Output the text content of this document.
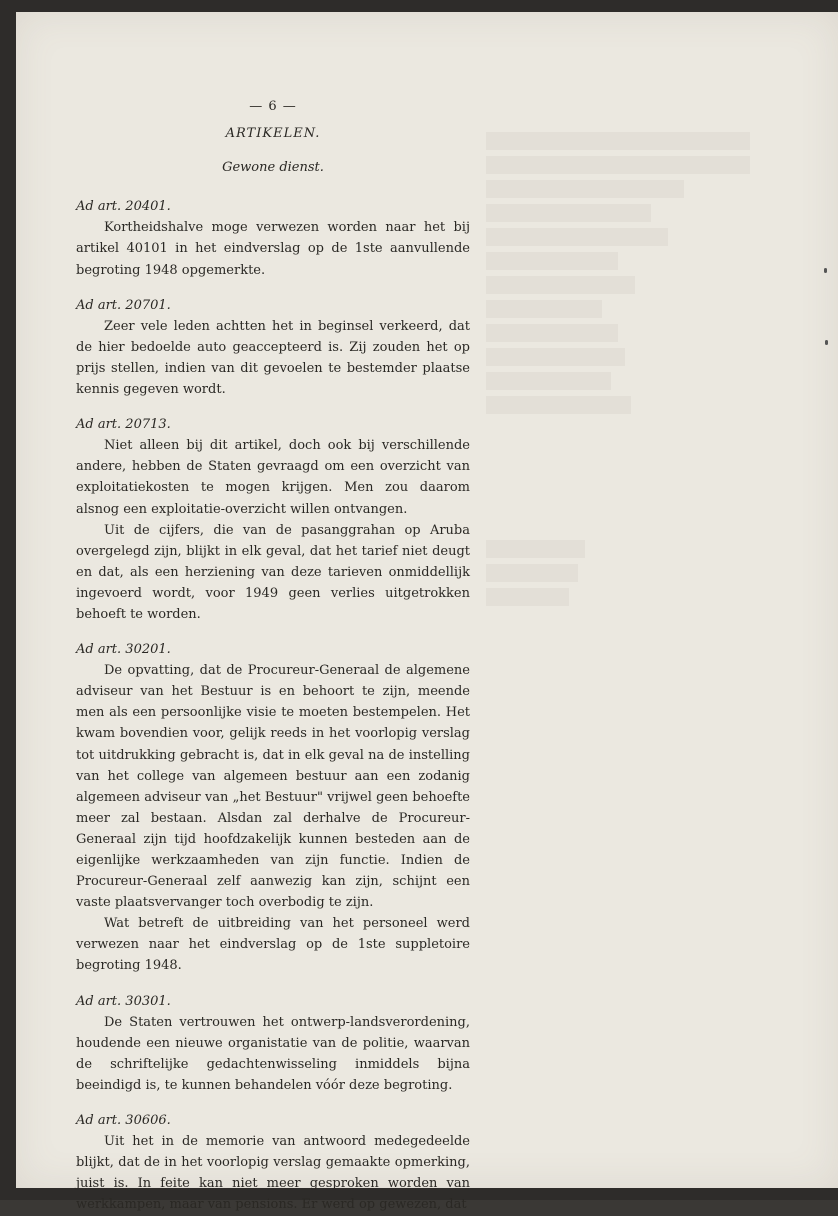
— 6 —
ARTIKELEN.
Gewone dienst.
Ad art. 20401.

Kortheidshalve moge verwezen worden naar het bij artikel 40101 in het eindverslag op de 1ste aanvullende begroting 1948 opgemerkte.

Ad art. 20701.

Zeer vele leden achtten het in beginsel verkeerd, dat de hier bedoelde auto geaccepteerd is. Zij zouden het op prijs stellen, indien van dit gevoelen te bestemder plaatse kennis gegeven wordt.

Ad art. 20713.

Niet alleen bij dit artikel, doch ook bij verschillende andere, hebben de Staten gevraagd om een overzicht van exploitatiekosten te mogen krijgen. Men zou daarom alsnog een exploitatie-overzicht willen ontvangen.

Uit de cijfers, die van de pasanggrahan op Aruba overgelegd zijn, blijkt in elk geval, dat het tarief niet deugt en dat, als een herziening van deze tarieven onmiddellijk ingevoerd wordt, voor 1949 geen verlies uitgetrokken behoeft te worden.

Ad art. 30201.

De opvatting, dat de Procureur-Generaal de algemene adviseur van het Bestuur is en behoort te zijn, meende men als een persoonlijke visie te moeten bestempelen. Het kwam bovendien voor, gelijk reeds in het voorlopig verslag tot uitdrukking gebracht is, dat in elk geval na de instelling van het college van algemeen bestuur aan een zodanig algemeen adviseur van „het Bestuur" vrijwel geen behoefte meer zal bestaan. Alsdan zal derhalve de Procureur-Generaal zijn tijd hoofdzakelijk kunnen besteden aan de eigenlijke werkzaamheden van zijn functie. Indien de Procureur-Generaal zelf aanwezig kan zijn, schijnt een vaste plaatsvervanger toch overbodig te zijn.

Wat betreft de uitbreiding van het personeel werd verwezen naar het eindverslag op de 1ste suppletoire begroting 1948.

Ad art. 30301.

De Staten vertrouwen het ontwerp-landsverordening, houdende een nieuwe organistatie van de politie, waarvan de schriftelijke gedachtenwisseling inmiddels bijna beeindigd is, te kunnen behandelen vóór deze begroting.

Ad art. 30606.

Uit het in de memorie van antwoord medegedeelde blijkt, dat de in het voorlopig verslag gemaakte opmerking, juist is. In feite kan niet meer gesproken worden van werkkampen, maar van pensions. Er werd op gewezen, dat
